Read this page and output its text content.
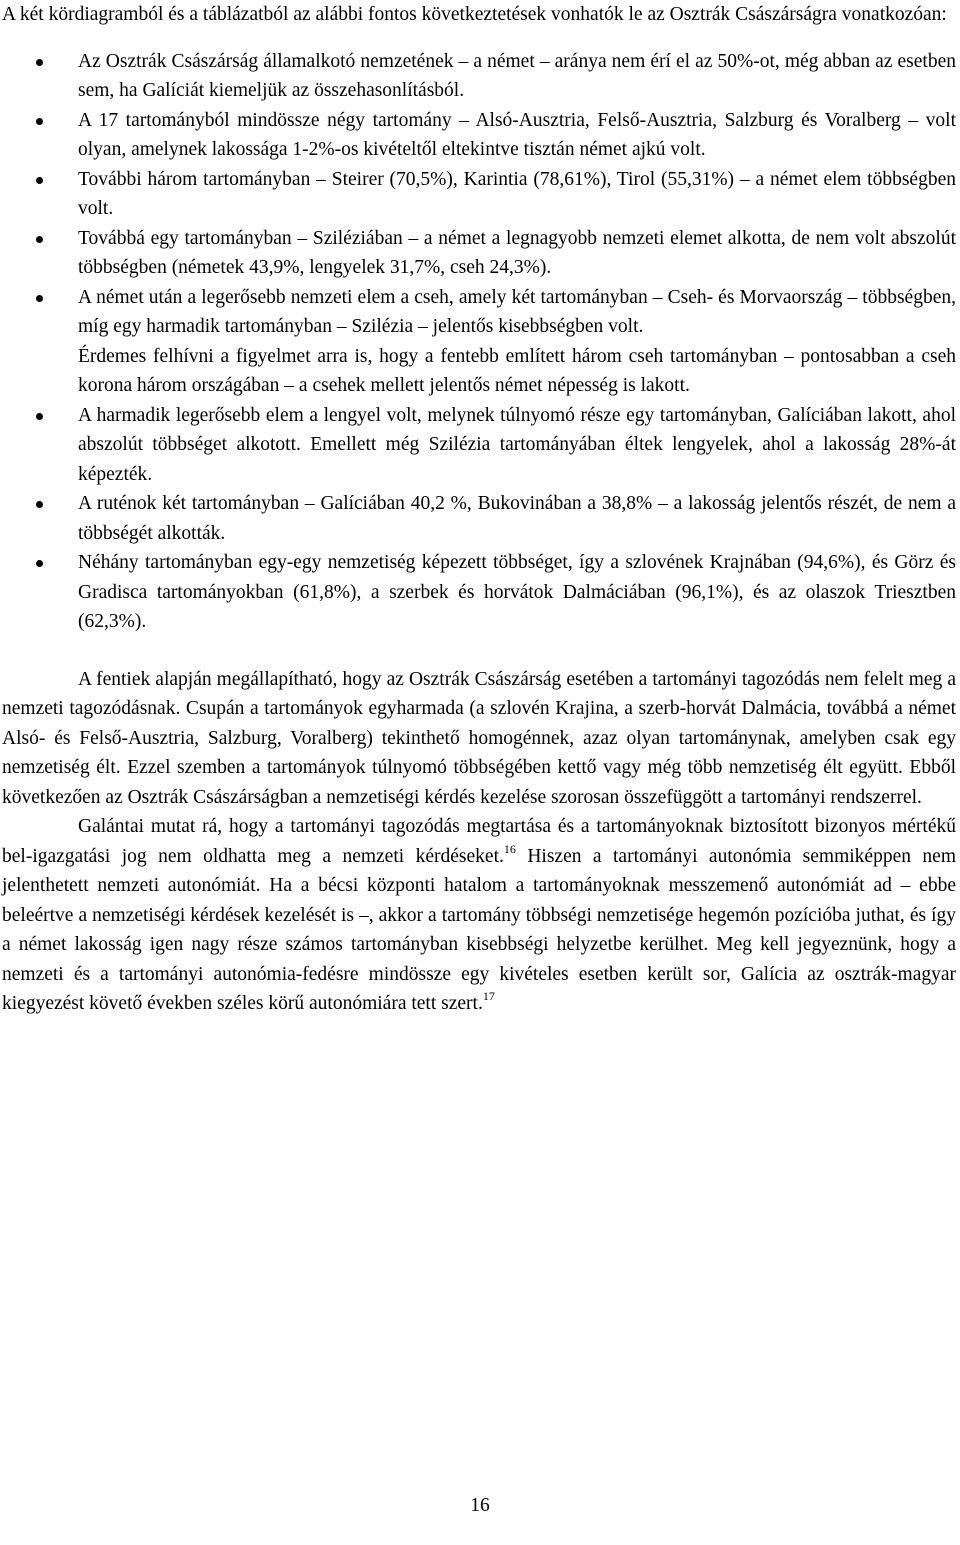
A két kördiagramból és a táblázatból az alábbi fontos következtetések vonhatók le az Osztrák Császárságra vonatkozóan:

Az Osztrák Császárság államalkotó nemzetének – a német – aránya nem érí el az 50%-ot, még abban az esetben sem, ha Galíciát kiemeljük az összehasonlításból.
A 17 tartományból mindössze négy tartomány – Alsó-Ausztria, Felső-Ausztria, Salzburg és Voralberg – volt olyan, amelynek lakossága 1-2%-os kivételtől eltekintve tisztán német ajkú volt.
További három tartományban – Steirer (70,5%), Karintia (78,61%), Tirol (55,31%) – a német elem többségben volt.
Továbbá egy tartományban – Sziléziában – a német a legnagyobb nemzeti elemet alkotta, de nem volt abszolút többségben (németek 43,9%, lengyelek 31,7%, cseh 24,3%).
A német után a legerősebb nemzeti elem a cseh, amely két tartományban – Cseh- és Morvaország – többségben, míg egy harmadik tartományban – Szilézia – jelentős kisebbségben volt.

Érdemes felhívni a figyelmet arra is, hogy a fentebb említett három cseh tartományban – pontosabban a cseh korona három országában – a csehek mellett jelentős német népesség is lakott.

A harmadik legerősebb elem a lengyel volt, melynek túlnyomó része egy tartományban, Galíciában lakott, ahol abszolút többséget alkotott. Emellett még Szilézia tartományában éltek lengyelek, ahol a lakosság 28%-át képezték.
A ruténok két tartományban – Galíciában 40,2 %, Bukovinában a 38,8% – a lakosság jelentős részét, de nem a többségét alkották.
Néhány tartományban egy-egy nemzetiség képezett többséget, így a szlovének Krajnában (94,6%), és Görz és Gradisca tartományokban (61,8%), a szerbek és horvátok Dalmáciában (96,1%), és az olaszok Triesztben (62,3%).

A fentiek alapján megállapítható, hogy az Osztrák Császárság esetében a tartományi tagozódás nem felelt meg a nemzeti tagozódásnak. Csupán a tartományok egyharmada (a szlovén Krajina, a szerb-horvát Dalmácia, továbbá a német Alsó- és Felső-Ausztria, Salzburg, Voralberg) tekinthető homogénnek, azaz olyan tartománynak, amelyben csak egy nemzetiség élt. Ezzel szemben a tartományok túlnyomó többségében kettő vagy még több nemzetiség élt együtt. Ebből következően az Osztrák Császárságban a nemzetiségi kérdés kezelése szorosan összefüggött a tartományi rendszerrel.

Galántai mutat rá, hogy a tartományi tagozódás megtartása és a tartományoknak biztosított bizonyos mértékű bel-igazgatási jog nem oldhatta meg a nemzeti kérdéseket.$^{16}$ Hiszen a tartományi autonómia semmiképpen nem jelenthetett nemzeti autonómiát. Ha a bécsi központi hatalom a tartományoknak messzemenő autonómiát ad – ebbe beleértve a nemzetiségi kérdések kezelését is –, akkor a tartomány többségi nemzetisége hegemón pozícióba juthat, és így a német lakosság igen nagy része számos tartományban kisebbségi helyzetbe kerülhet. Meg kell jegyeznünk, hogy a nemzeti és a tartományi autonómia-fedésre mindössze egy kivételes esetben került sor, Galícia az osztrák-magyar kiegyezést követő években széles körű autonómiára tett szert.$^{17}$

16
